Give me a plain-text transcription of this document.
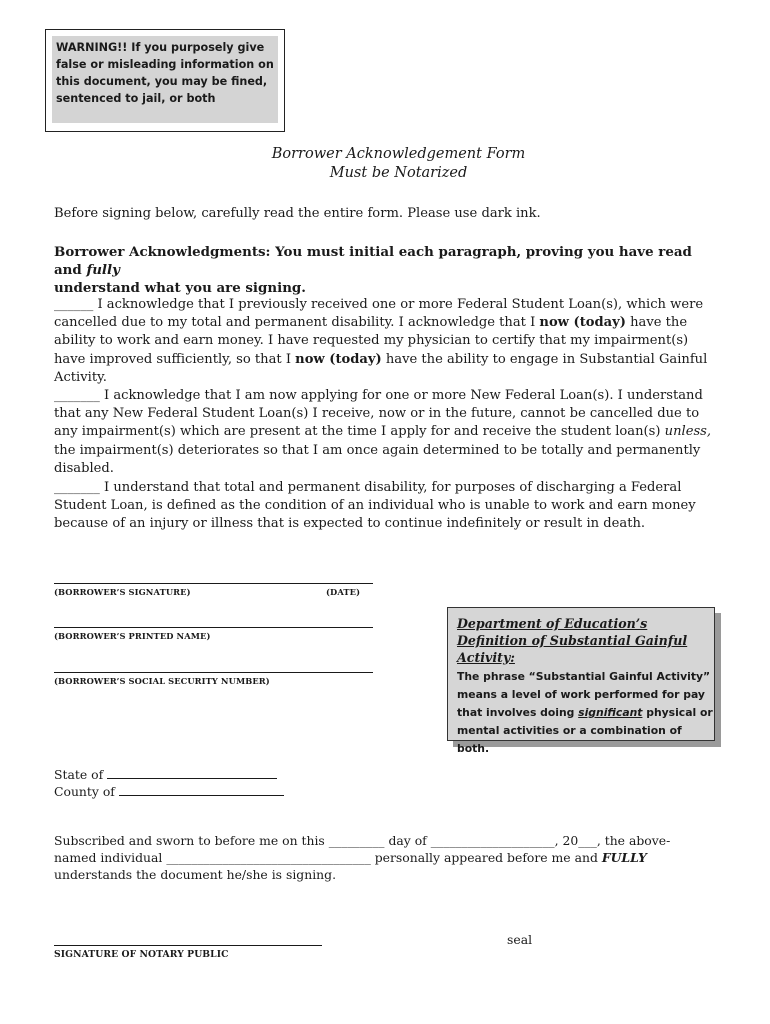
WARNING!! If you purposely give
false or misleading information on
this document, you may be fined,
sentenced to jail, or both
Borrower Acknowledgement Form
Must be Notarized
Before signing below, carefully read the entire form. Please use dark ink.
Borrower Acknowledgments: You must initial each paragraph, proving you have read and fully
understand what you are signing.
______ I acknowledge that I previously received one or more Federal Student Loan(s), which were cancelled due to my total and permanent disability. I acknowledge that I now (today) have the ability to work and earn money. I have requested my physician to certify that my impairment(s) have improved sufficiently, so that I now (today) have the ability to engage in Substantial Gainful Activity.
_______ I acknowledge that I am now applying for one or more New Federal Loan(s). I understand that any New Federal Student Loan(s) I receive, now or in the future, cannot be cancelled due to any impairment(s) which are present at the time I apply for and receive the student loan(s) unless, the impairment(s) deteriorates so that I am once again determined to be totally and permanently disabled.
_______ I understand that total and permanent disability, for purposes of discharging a Federal Student Loan, is defined as the condition of an individual who is unable to work and earn money because of an injury or illness that is expected to continue indefinitely or result in death.
(BORROWER’S SIGNATURE)	(DATE)
(BORROWER’S PRINTED NAME)
(BORROWER’S SOCIAL SECURITY NUMBER)
Department of Education’s Definition of Substantial Gainful Activity:
The phrase “Substantial Gainful Activity” means a level of work performed for pay that involves doing significant physical or mental activities or a combination of both.
State of
County of
Subscribed and sworn to before me on this _________ day of ____________________, 20___, the above-named individual _________________________________ personally appeared before me and FULLY understands the document he/she is signing.
SIGNATURE OF NOTARY PUBLIC
seal
